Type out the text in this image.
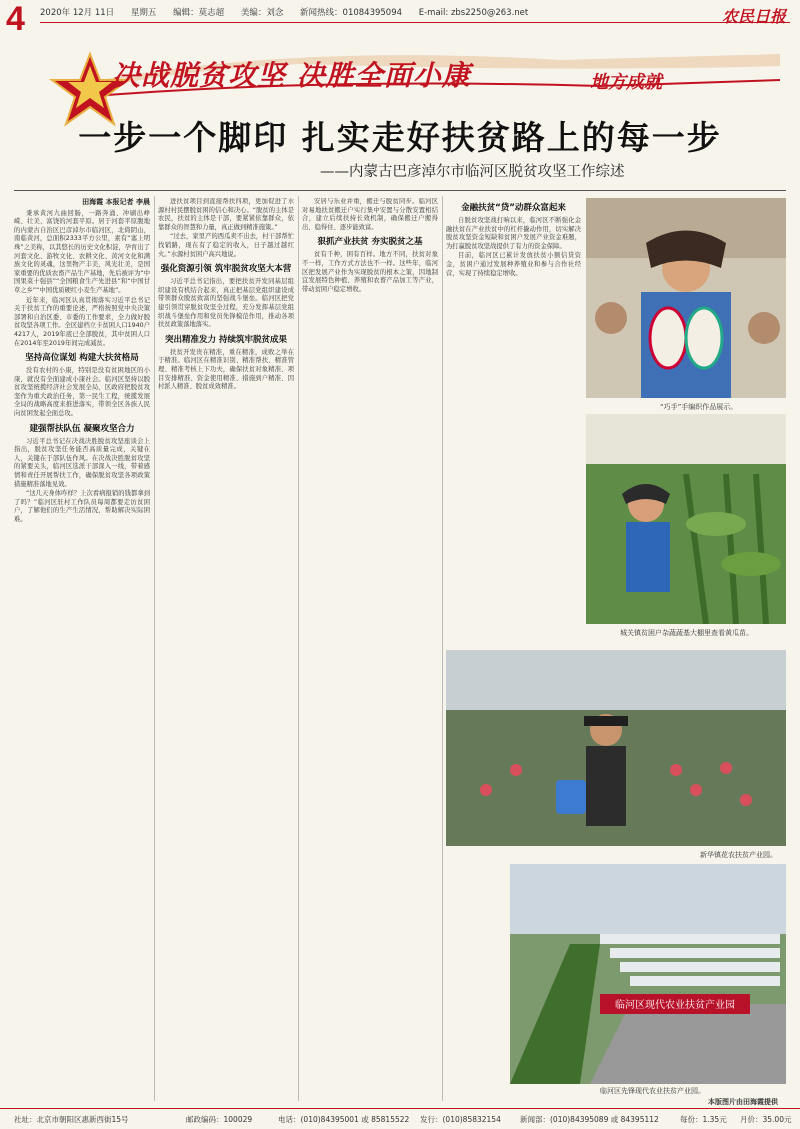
4 2020年 12月 11日 星期五 编辑：莫志超 美编：刘念 新闻热线：01084395094 E-mail: zbs2250@263.net	农民日报
决战脱贫攻坚 决胜全面小康	地方成就
一步一个脚印 扎实走好扶贫路上的每一步
——内蒙古巴彦淖尔市临河区脱贫攻坚工作综述
田海霞 本报记者 李晨

秉承黄河九曲回肠，一路奔涌、冲刷出峥嵘、壮美、富饶的河套平原。居于河套平原腹地的内蒙古自治区巴彦淖尔市临河区，北倚阴山，南临黄河，总面积2333平方公里，素有“塞上明珠”之美称，以其悠长的历史文化积淀，孕育出了河套文化、游牧文化、农耕文化、黄河文化和满族文化的灵魂，这里物产丰美，风光壮美，是国家重要的优质农畜产品生产基地，先后被评为“中国果菜十强县”“全国粮食生产先进县”和“中国甘草之乡”“中国优质硬红小麦生产基地”。

近年来，临河区认真贯彻落实习近平总书记关于扶贫工作的重要论述，严格按照党中央决策部署和自治区委、市委的工作要求，全力做好脱贫攻坚各项工作。全区建档立卡贫困人口1940户4217人，2019年底已全部脱贫，其中贫困人口在2014年至2019年间完成减贫。

坚持高位谋划 构建大扶贫格局

没有农村的小康，特别是没有贫困地区的小康，就没有全面建成小康社会。临河区坚持以脱贫攻坚统揽经济社会发展全局，区政府把脱贫攻坚作为重大政治任务，第一民生工程，统揽发展全局的战略高度来推进落实，带领全区各族人民向贫困发起全面总攻。

建强帮扶队伍 凝聚攻坚合力

习近平总书记在决战决胜脱贫攻坚座谈会上指出，脱贫攻坚任务能否高质量完成，关键在人，关键在于部队伍作风。在决战决胜脱贫攻坚的紧要关头，临河区选派干部深入一线，带着感情和责任开展帮扶工作，确保脱贫攻坚各项政策措施精准落地见效。

“这几天身体咋样？上次看病报销的钱都拿到了吗？”临河区驻村工作队员每周都要走访贫困户，了解他们的生产生活情况，帮助解决实际困难。

进扶贫项目到直接帮扶四项，更加促进了水源村村民摆脱贫困的信心和决心。“脱贫的主体是农民，扶贫的主体是干部，要紧紧依靠群众，依靠群众的智慧和力量，真正做到精准施策。”

“过去，家里产的西瓜卖不出去，村干部帮忙找销路，现在有了稳定的收入，日子越过越红火。”水源村贫困户高兴地说。

强化资源引领 筑牢脱贫攻坚大本营

习近平总书记指出，要把扶贫开发同基层组织建设有机结合起来，真正把基层党组织建设成带领群众脱贫致富的坚强战斗堡垒。临河区把党建引领贯穿脱贫攻坚全过程，充分发挥基层党组织战斗堡垒作用和党员先锋模范作用，推动各项扶贫政策落地落实。

突出精准发力 持续筑牢脱贫成果

扶贫开发贵在精准，重在精准，成败之举在于精准。临河区在精准识别、精准帮扶、精准管理、精准考核上下功夫，确保扶贫对象精准、项目安排精准、资金使用精准、措施到户精准、因村派人精准、脱贫成效精准。

安居与乐业并重，搬迁与脱贫同步。临河区对易地扶贫搬迁户实行集中安置与分散安置相结合，建立后续扶持长效机制，确保搬迁户搬得出、稳得住、逐步能致富。

狠抓产业扶贫 夯实脱贫之基

贫有千种，困有百样。地方不同，扶贫对象不一样，工作方式方法也不一样。这些年，临河区把发展产业作为实现脱贫的根本之策，因地制宜发展特色种植、养殖和农畜产品加工等产业，带动贫困户稳定增收。

金融扶贫“贷”动群众富起来

自脱贫攻坚战打响以来，临河区不断强化金融扶贫在产业扶贫中的杠杆撬动作用，切实解决脱贫攻坚资金短缺和贫困户发展产业资金难题，为打赢脱贫攻坚战提供了有力的资金保障。

目前，临河区已累计发放扶贫小额信贷资金，贫困户通过发展种养殖业和参与合作社经营，实现了持续稳定增收。

“巧手”手编织作品展示。
城关镇贫困户杂蔬蔬基大棚里查看黄瓜苗。
新华镇花农扶贫产业园。
临河区现代农业扶贫产业园
临河区先锋现代农业扶贫产业园。
本版图片由田海霞提供
社址：北京市朝阳区惠新西街15号	邮政编码：100029	电话：(010)84395001 或 85815522 发行：(010)85832154	新闻部：(010)84395089 或 84395112	每份：1.35元 月价：35.00元
